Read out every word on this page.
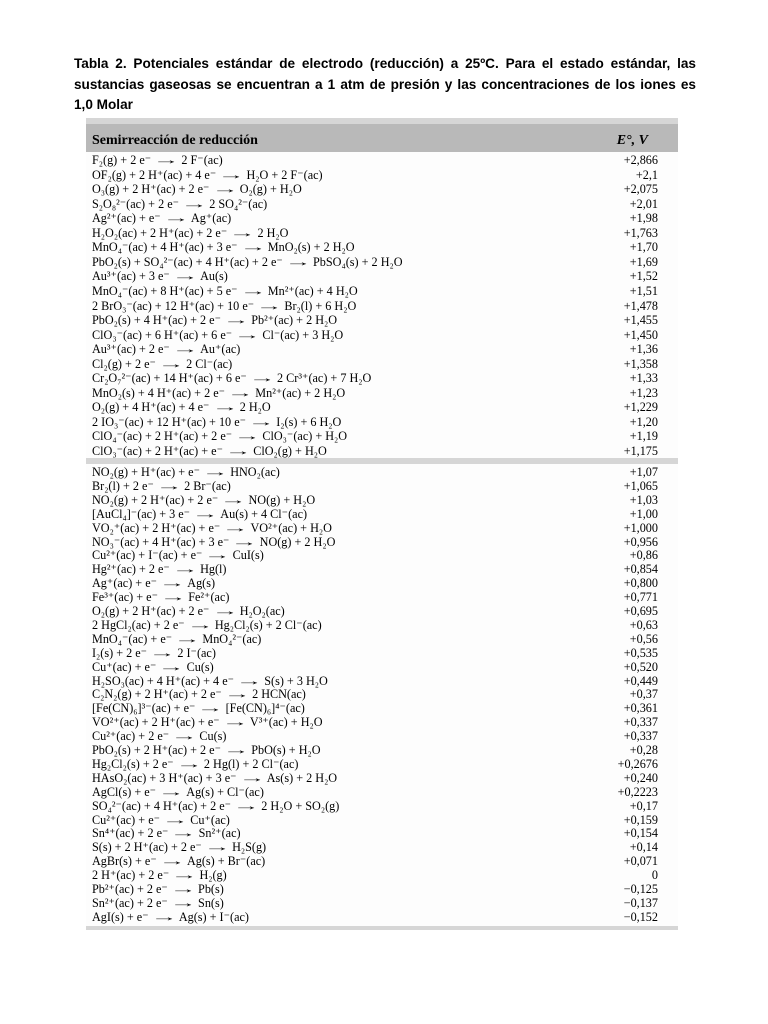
Tabla 2. Potenciales estándar de electrodo (reducción) a 25ºC. Para el estado estándar, las sustancias gaseosas se encuentran a 1 atm de presión y las concentraciones de los iones es 1,0 Molar
Semirreacción de reducción	E°, V
F₂(g) + 2 e⁻ → 2 F⁻(ac)	+2,866
OF₂(g) + 2 H⁺(ac) + 4 e⁻ → H₂O + 2 F⁻(ac)	+2,1
O₃(g) + 2 H⁺(ac) + 2 e⁻ → O₂(g) + H₂O	+2,075
S₂O₈²⁻(ac) + 2 e⁻ → 2 SO₄²⁻(ac)	+2,01
Ag²⁺(ac) + e⁻ → Ag⁺(ac)	+1,98
H₂O₂(ac) + 2 H⁺(ac) + 2 e⁻ → 2 H₂O	+1,763
MnO₄⁻(ac) + 4 H⁺(ac) + 3 e⁻ → MnO₂(s) + 2 H₂O	+1,70
PbO₂(s) + SO₄²⁻(ac) + 4 H⁺(ac) + 2 e⁻ → PbSO₄(s) + 2 H₂O	+1,69
Au³⁺(ac) + 3 e⁻ → Au(s)	+1,52
MnO₄⁻(ac) + 8 H⁺(ac) + 5 e⁻ → Mn²⁺(ac) + 4 H₂O	+1,51
2 BrO₃⁻(ac) + 12 H⁺(ac) + 10 e⁻ → Br₂(l) + 6 H₂O	+1,478
PbO₂(s) + 4 H⁺(ac) + 2 e⁻ → Pb²⁺(ac) + 2 H₂O	+1,455
ClO₃⁻(ac) + 6 H⁺(ac) + 6 e⁻ → Cl⁻(ac) + 3 H₂O	+1,450
Au³⁺(ac) + 2 e⁻ → Au⁺(ac)	+1,36
Cl₂(g) + 2 e⁻ → 2 Cl⁻(ac)	+1,358
Cr₂O₇²⁻(ac) + 14 H⁺(ac) + 6 e⁻ → 2 Cr³⁺(ac) + 7 H₂O	+1,33
MnO₂(s) + 4 H⁺(ac) + 2 e⁻ → Mn²⁺(ac) + 2 H₂O	+1,23
O₂(g) + 4 H⁺(ac) + 4 e⁻ → 2 H₂O	+1,229
2 IO₃⁻(ac) + 12 H⁺(ac) + 10 e⁻ → I₂(s) + 6 H₂O	+1,20
ClO₄⁻(ac) + 2 H⁺(ac) + 2 e⁻ → ClO₃⁻(ac) + H₂O	+1,19
ClO₃⁻(ac) + 2 H⁺(ac) + e⁻ → ClO₂(g) + H₂O	+1,175
NO₂(g) + H⁺(ac) + e⁻ → HNO₂(ac)	+1,07
Br₂(l) + 2 e⁻ → 2 Br⁻(ac)	+1,065
NO₂(g) + 2 H⁺(ac) + 2 e⁻ → NO(g) + H₂O	+1,03
[AuCl₄]⁻(ac) + 3 e⁻ → Au(s) + 4 Cl⁻(ac)	+1,00
VO₂⁺(ac) + 2 H⁺(ac) + e⁻ → VO²⁺(ac) + H₂O	+1,000
NO₃⁻(ac) + 4 H⁺(ac) + 3 e⁻ → NO(g) + 2 H₂O	+0,956
Cu²⁺(ac) + I⁻(ac) + e⁻ → CuI(s)	+0,86
Hg²⁺(ac) + 2 e⁻ → Hg(l)	+0,854
Ag⁺(ac) + e⁻ → Ag(s)	+0,800
Fe³⁺(ac) + e⁻ → Fe²⁺(ac)	+0,771
O₂(g) + 2 H⁺(ac) + 2 e⁻ → H₂O₂(ac)	+0,695
2 HgCl₂(ac) + 2 e⁻ → Hg₂Cl₂(s) + 2 Cl⁻(ac)	+0,63
MnO₄⁻(ac) + e⁻ → MnO₄²⁻(ac)	+0,56
I₂(s) + 2 e⁻ → 2 I⁻(ac)	+0,535
Cu⁺(ac) + e⁻ → Cu(s)	+0,520
H₂SO₃(ac) + 4 H⁺(ac) + 4 e⁻ → S(s) + 3 H₂O	+0,449
C₂N₂(g) + 2 H⁺(ac) + 2 e⁻ → 2 HCN(ac)	+0,37
[Fe(CN)₆]³⁻(ac) + e⁻ → [Fe(CN)₆]⁴⁻(ac)	+0,361
VO²⁺(ac) + 2 H⁺(ac) + e⁻ → V³⁺(ac) + H₂O	+0,337
Cu²⁺(ac) + 2 e⁻ → Cu(s)	+0,337
PbO₂(s) + 2 H⁺(ac) + 2 e⁻ → PbO(s) + H₂O	+0,28
Hg₂Cl₂(s) + 2 e⁻ → 2 Hg(l) + 2 Cl⁻(ac)	+0,2676
HAsO₂(ac) + 3 H⁺(ac) + 3 e⁻ → As(s) + 2 H₂O	+0,240
AgCl(s) + e⁻ → Ag(s) + Cl⁻(ac)	+0,2223
SO₄²⁻(ac) + 4 H⁺(ac) + 2 e⁻ → 2 H₂O + SO₂(g)	+0,17
Cu²⁺(ac) + e⁻ → Cu⁺(ac)	+0,159
Sn⁴⁺(ac) + 2 e⁻ → Sn²⁺(ac)	+0,154
S(s) + 2 H⁺(ac) + 2 e⁻ → H₂S(g)	+0,14
AgBr(s) + e⁻ → Ag(s) + Br⁻(ac)	+0,071
2 H⁺(ac) + 2 e⁻ → H₂(g)	0
Pb²⁺(ac) + 2 e⁻ → Pb(s)	−0,125
Sn²⁺(ac) + 2 e⁻ → Sn(s)	−0,137
AgI(s) + e⁻ → Ag(s) + I⁻(ac)	−0,152
